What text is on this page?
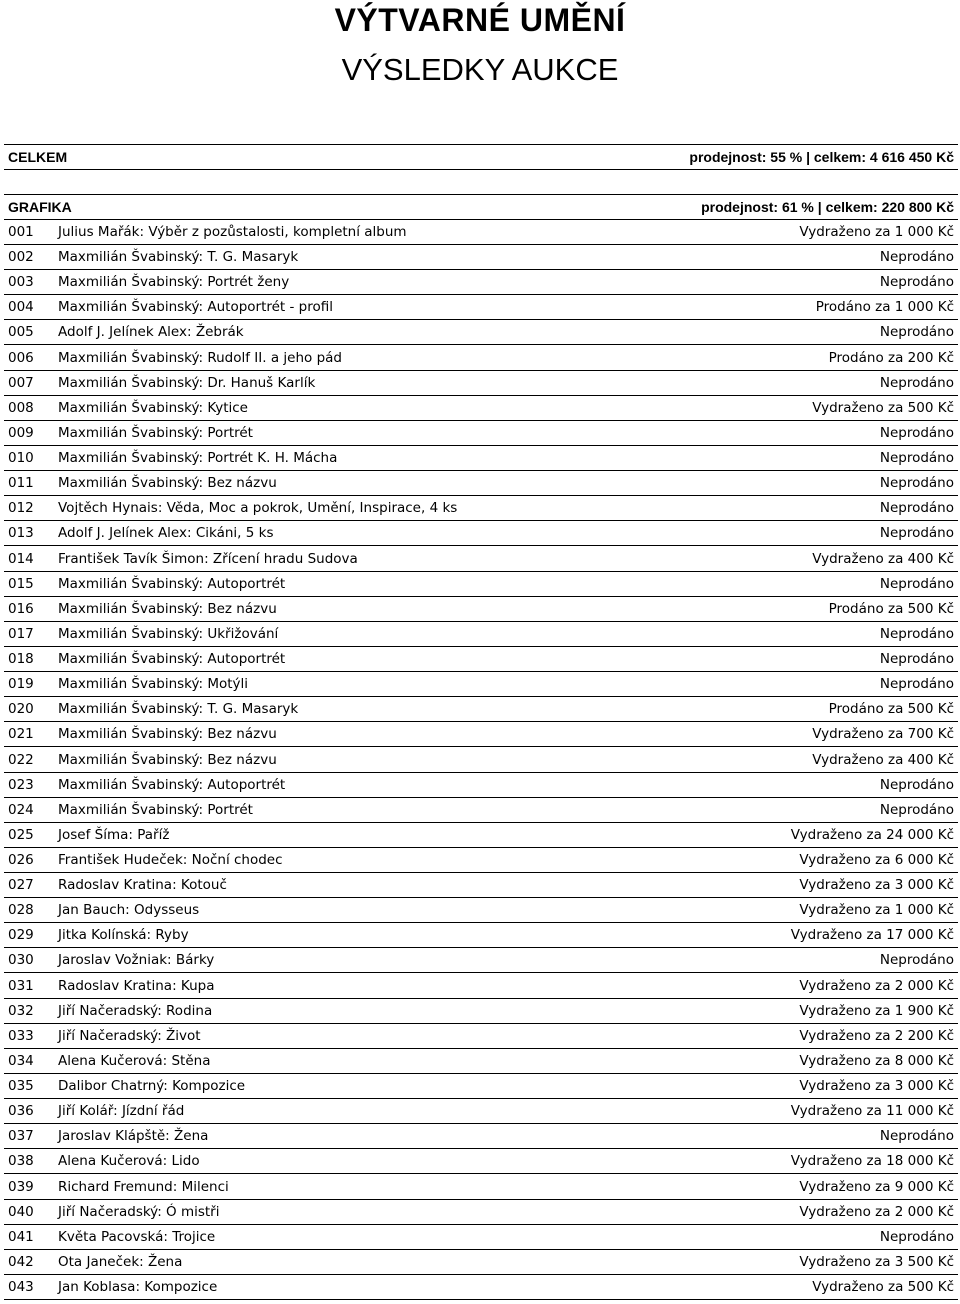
VÝTVARNÉ UMĚNÍ
VÝSLEDKY AUKCE
CELKEM	prodejnost: 55 % | celkem: 4 616 450 Kč
GRAFIKA	prodejnost: 61 % | celkem: 220 800 Kč
001 Julius Mařák: Výběr z pozůstalosti, kompletní album	Vydraženo za 1 000 Kč
002 Maxmilián Švabinský: T. G. Masaryk	Neprodáno
003 Maxmilián Švabinský: Portrét ženy	Neprodáno
004 Maxmilián Švabinský: Autoportrét - profil	Prodáno za 1 000 Kč
005 Adolf J. Jelínek Alex: Žebrák	Neprodáno
006 Maxmilián Švabinský: Rudolf II. a jeho pád	Prodáno za 200 Kč
007 Maxmilián Švabinský: Dr. Hanuš Karlík	Neprodáno
008 Maxmilián Švabinský: Kytice	Vydraženo za 500 Kč
009 Maxmilián Švabinský: Portrét	Neprodáno
010 Maxmilián Švabinský: Portrét K. H. Mácha	Neprodáno
011 Maxmilián Švabinský: Bez názvu	Neprodáno
012 Vojtěch Hynais: Věda, Moc a pokrok, Umění, Inspirace, 4 ks	Neprodáno
013 Adolf J. Jelínek Alex: Cikáni, 5 ks	Neprodáno
014 František Tavík Šimon: Zřícení hradu Sudova	Vydraženo za 400 Kč
015 Maxmilián Švabinský: Autoportrét	Neprodáno
016 Maxmilián Švabinský: Bez názvu	Prodáno za 500 Kč
017 Maxmilián Švabinský: Ukřižování	Neprodáno
018 Maxmilián Švabinský: Autoportrét	Neprodáno
019 Maxmilián Švabinský: Motýli	Neprodáno
020 Maxmilián Švabinský: T. G. Masaryk	Prodáno za 500 Kč
021 Maxmilián Švabinský: Bez názvu	Vydraženo za 700 Kč
022 Maxmilián Švabinský: Bez názvu	Vydraženo za 400 Kč
023 Maxmilián Švabinský: Autoportrét	Neprodáno
024 Maxmilián Švabinský: Portrét	Neprodáno
025 Josef Šíma: Paříž	Vydraženo za 24 000 Kč
026 František Hudeček: Noční chodec	Vydraženo za 6 000 Kč
027 Radoslav Kratina: Kotouč	Vydraženo za 3 000 Kč
028 Jan Bauch: Odysseus	Vydraženo za 1 000 Kč
029 Jitka Kolínská: Ryby	Vydraženo za 17 000 Kč
030 Jaroslav Vožniak: Bárky	Neprodáno
031 Radoslav Kratina: Kupa	Vydraženo za 2 000 Kč
032 Jiří Načeradský: Rodina	Vydraženo za 1 900 Kč
033 Jiří Načeradský: Život	Vydraženo za 2 200 Kč
034 Alena Kučerová: Stěna	Vydraženo za 8 000 Kč
035 Dalibor Chatrný: Kompozice	Vydraženo za 3 000 Kč
036 Jiří Kolář: Jízdní řád	Vydraženo za 11 000 Kč
037 Jaroslav Klápště: Žena	Neprodáno
038 Alena Kučerová: Lido	Vydraženo za 18 000 Kč
039 Richard Fremund: Milenci	Vydraženo za 9 000 Kč
040 Jiří Načeradský: Ó mistři	Vydraženo za 2 000 Kč
041 Květa Pacovská: Trojice	Neprodáno
042 Ota Janeček: Žena	Vydraženo za 3 500 Kč
043 Jan Koblasa: Kompozice	Vydraženo za 500 Kč
